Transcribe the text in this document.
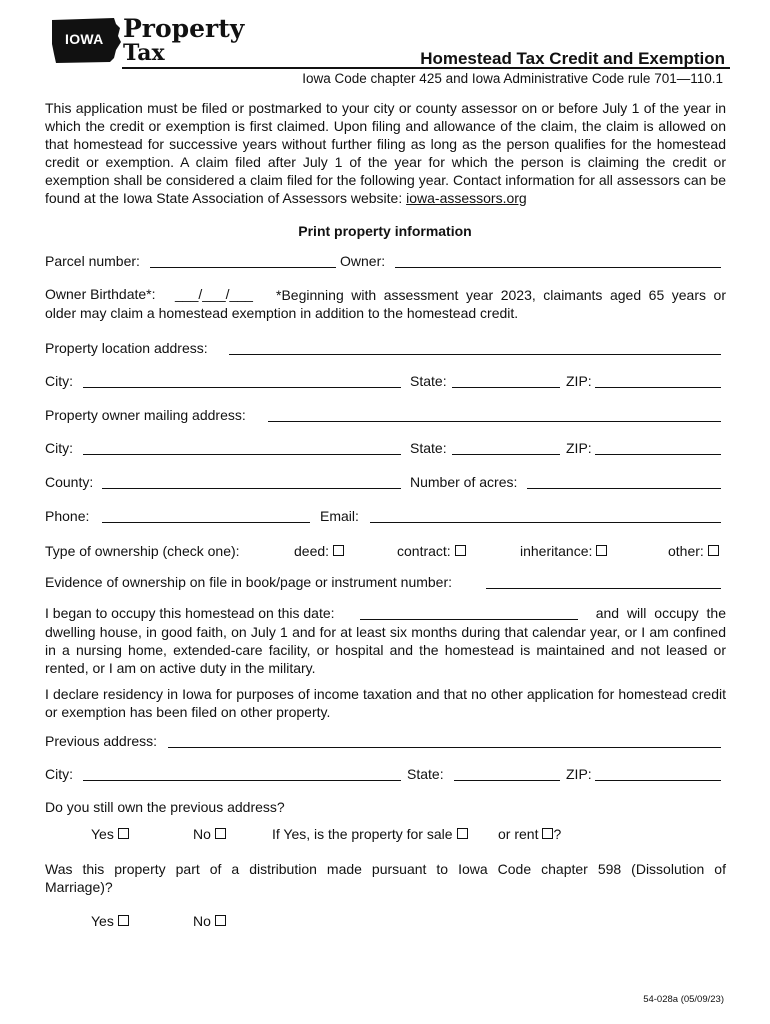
IOWA Property
Tax	Homestead Tax Credit and Exemption
Iowa Code chapter 425 and Iowa Administrative Code rule 701—110.1
This application must be filed or postmarked to your city or county assessor on or before July 1 of the year in which the credit or exemption is first claimed. Upon filing and allowance of the claim, the claim is allowed on that homestead for successive years without further filing as long as the person qualifies for the homestead credit or exemption. A claim filed after July 1 of the year for which the person is claiming the credit or exemption shall be considered a claim filed for the following year. Contact information for all assessors can be found at the Iowa State Association of Assessors website: iowa-assessors.org
Print property information
Parcel number:	Owner:
Owner Birthdate*: ___/___/___	*Beginning with assessment year 2023, claimants aged 65 years or older may claim a homestead exemption in addition to the homestead credit.
Property location address:
City:	State:	ZIP:
Property owner mailing address:
City:	State:	ZIP:
County:	Number of acres:
Phone:	Email:
Type of ownership (check one):	deed:	contract:	inheritance:	other:
Evidence of ownership on file in book/page or instrument number:
I began to occupy this homestead on this date:	and will occupy the
dwelling house, in good faith, on July 1 and for at least six months during that calendar year, or I am confined in a nursing home, extended-care facility, or hospital and the homestead is maintained and not leased or rented, or I am on active duty in the military.
I declare residency in Iowa for purposes of income taxation and that no other application for homestead credit or exemption has been filed on other property.
Previous address:
City:	State:	ZIP:
Do you still own the previous address?
Yes	No	If Yes, is the property for sale	or rent ?
Was this property part of a distribution made pursuant to Iowa Code chapter 598 (Dissolution of Marriage)?
Yes	No
54-028a (05/09/23)
